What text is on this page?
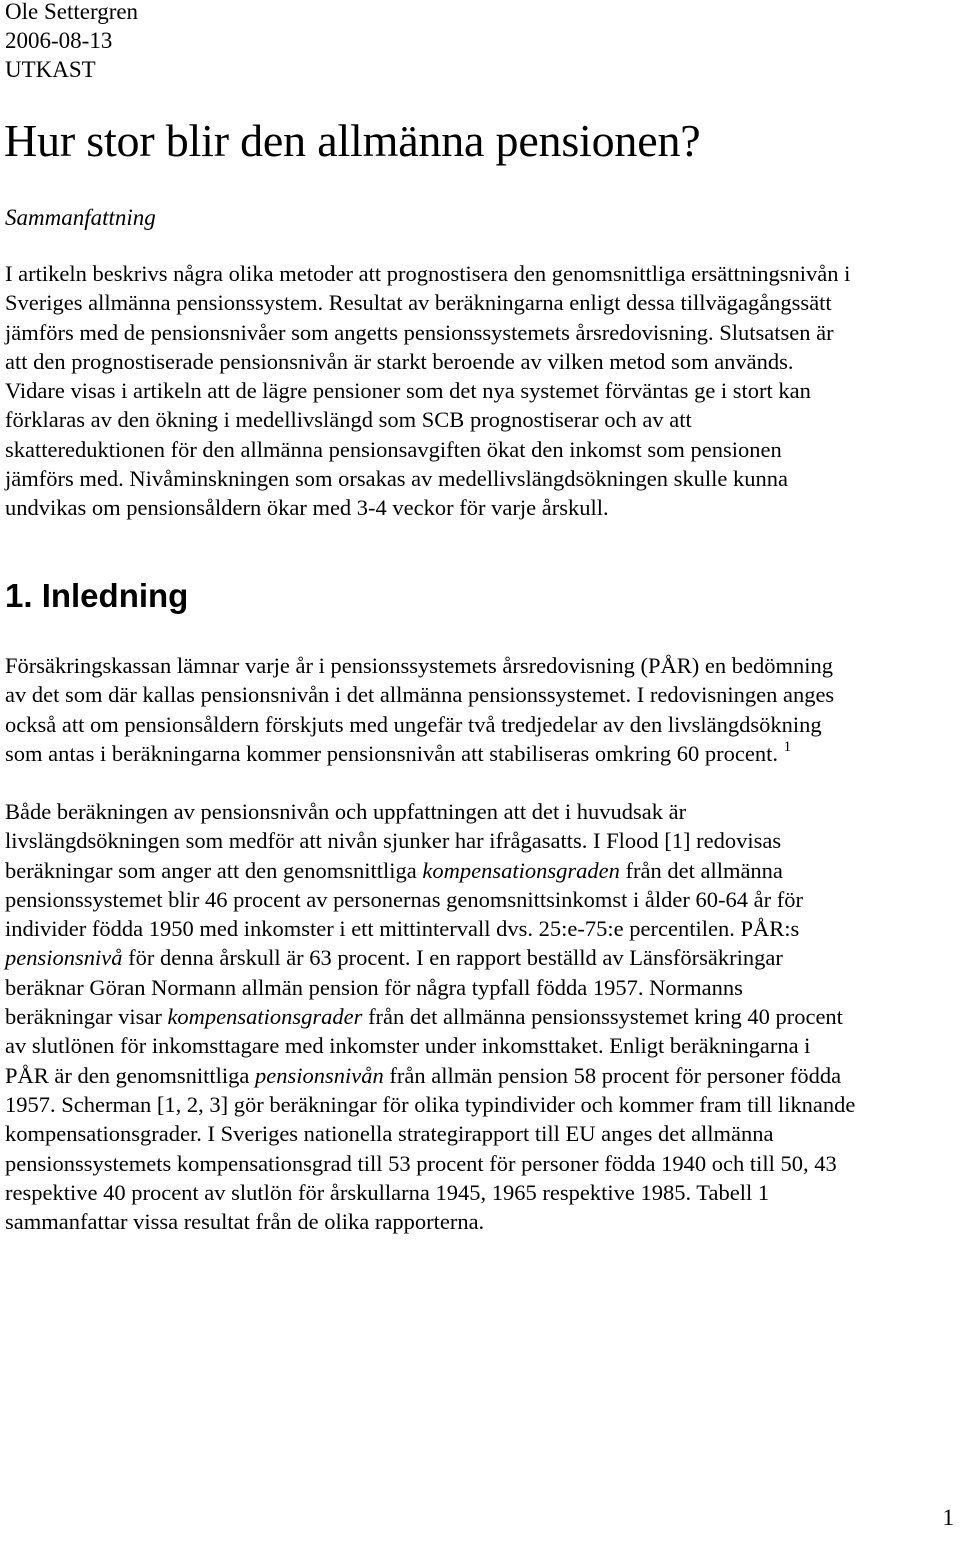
Ole Settergren
2006-08-13
UTKAST
Hur stor blir den allmänna pensionen?
Sammanfattning

I artikeln beskrivs några olika metoder att prognostisera den genomsnittliga ersättningsnivån i
Sveriges allmänna pensionssystem. Resultat av beräkningarna enligt dessa tillvägagångssätt
jämförs med de pensionsnivåer som angetts pensionssystemets årsredovisning. Slutsatsen är
att den prognostiserade pensionsnivån är starkt beroende av vilken metod som används.
Vidare visas i artikeln att de lägre pensioner som det nya systemet förväntas ge i stort kan
förklaras av den ökning i medellivslängd som SCB prognostiserar och av att
skattereduktionen för den allmänna pensionsavgiften ökat den inkomst som pensionen
jämförs med. Nivåminskningen som orsakas av medellivslängdsökningen skulle kunna
undvikas om pensionsåldern ökar med 3-4 veckor för varje årskull.

1. Inledning

Försäkringskassan lämnar varje år i pensionssystemets årsredovisning (PÅR) en bedömning
av det som där kallas pensionsnivån i det allmänna pensionssystemet. I redovisningen anges
också att om pensionsåldern förskjuts med ungefär två tredjedelar av den livslängdsökning
som antas i beräkningarna kommer pensionsnivån att stabiliseras omkring 60 procent. $^1$

Både beräkningen av pensionsnivån och uppfattningen att det i huvudsak är
livslängdsökningen som medför att nivån sjunker har ifrågasatts. I Flood [1] redovisas
beräkningar som anger att den genomsnittliga kompensationsgraden från det allmänna
pensionssystemet blir 46 procent av personernas genomsnittsinkomst i ålder 60-64 år för
individer födda 1950 med inkomster i ett mittintervall dvs. 25:e-75:e percentilen. PÅR:s
pensionsnivå för denna årskull är 63 procent. I en rapport beställd av Länsförsäkringar
beräknar Göran Normann allmän pension för några typfall födda 1957. Normanns
beräkningar visar kompensationsgrader från det allmänna pensionssystemet kring 40 procent
av slutlönen för inkomsttagare med inkomster under inkomsttaket. Enligt beräkningarna i
PÅR är den genomsnittliga pensionsnivån från allmän pension 58 procent för personer födda
1957. Scherman [1, 2, 3] gör beräkningar för olika typindivider och kommer fram till liknande
kompensationsgrader. I Sveriges nationella strategirapport till EU anges det allmänna
pensionssystemets kompensationsgrad till 53 procent för personer födda 1940 och till 50, 43
respektive 40 procent av slutlön för årskullarna 1945, 1965 respektive 1985. Tabell 1
sammanfattar vissa resultat från de olika rapporterna.

1
